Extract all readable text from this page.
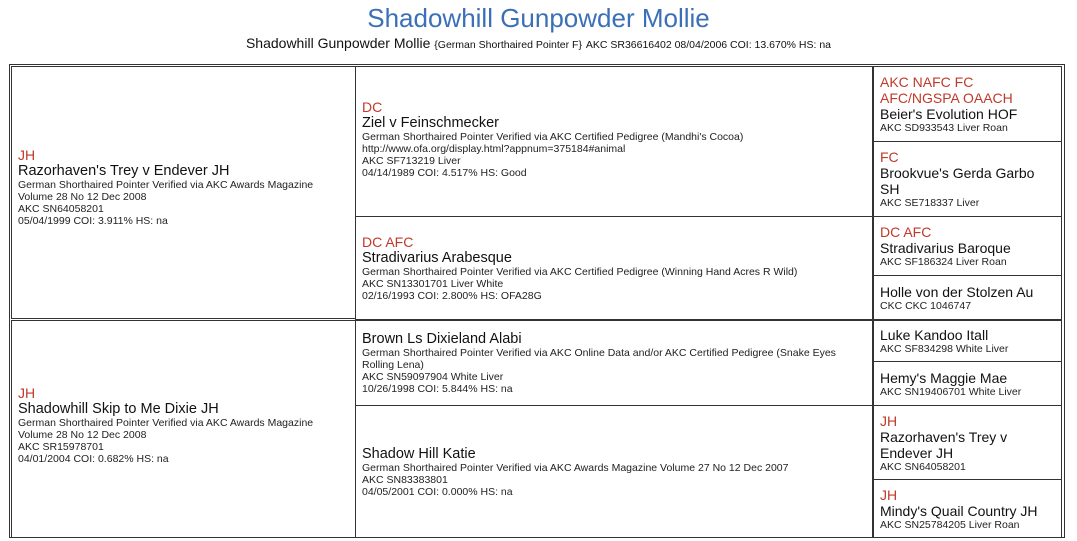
Shadowhill Gunpowder Mollie
Shadowhill Gunpowder Mollie {German Shorthaired Pointer F} AKC SR36616402 08/04/2006 COI: 13.670% HS: na
JH
Razorhaven's Trey v Endever JH
German Shorthaired Pointer Verified via AKC Awards Magazine
Volume 28 No 12 Dec 2008
AKC SN64058201
05/04/1999 COI: 3.911% HS: na
JH
Shadowhill Skip to Me Dixie JH
German Shorthaired Pointer Verified via AKC Awards Magazine
Volume 28 No 12 Dec 2008
AKC SR15978701
04/01/2004 COI: 0.682% HS: na
DC
Ziel v Feinschmecker
German Shorthaired Pointer Verified via AKC Certified Pedigree (Mandhi's Cocoa)
http://www.ofa.org/display.html?appnum=375184#animal
AKC SF713219 Liver
04/14/1989 COI: 4.517% HS: Good
DC AFC
Stradivarius Arabesque
German Shorthaired Pointer Verified via AKC Certified Pedigree (Winning Hand Acres R Wild)
AKC SN13301701 Liver White
02/16/1993 COI: 2.800% HS: OFA28G
Brown Ls Dixieland Alabi
German Shorthaired Pointer Verified via AKC Online Data and/or AKC Certified Pedigree (Snake Eyes
Rolling Lena)
AKC SN59097904 White Liver
10/26/1998 COI: 5.844% HS: na
Shadow Hill Katie
German Shorthaired Pointer Verified via AKC Awards Magazine Volume 27 No 12 Dec 2007
AKC SN83383801
04/05/2001 COI: 0.000% HS: na
AKC NAFC FC
AFC/NGSPA OAACH
Beier's Evolution HOF
AKC SD933543 Liver Roan
FC
Brookvue's Gerda Garbo
SH
AKC SE718337 Liver
DC AFC
Stradivarius Baroque
AKC SF186324 Liver Roan
Holle von der Stolzen Au
CKC CKC 1046747
Luke Kandoo Itall
AKC SF834298 White Liver
Hemy's Maggie Mae
AKC SN19406701 White Liver
JH
Razorhaven's Trey v
Endever JH
AKC SN64058201
JH
Mindy's Quail Country JH
AKC SN25784205 Liver Roan
